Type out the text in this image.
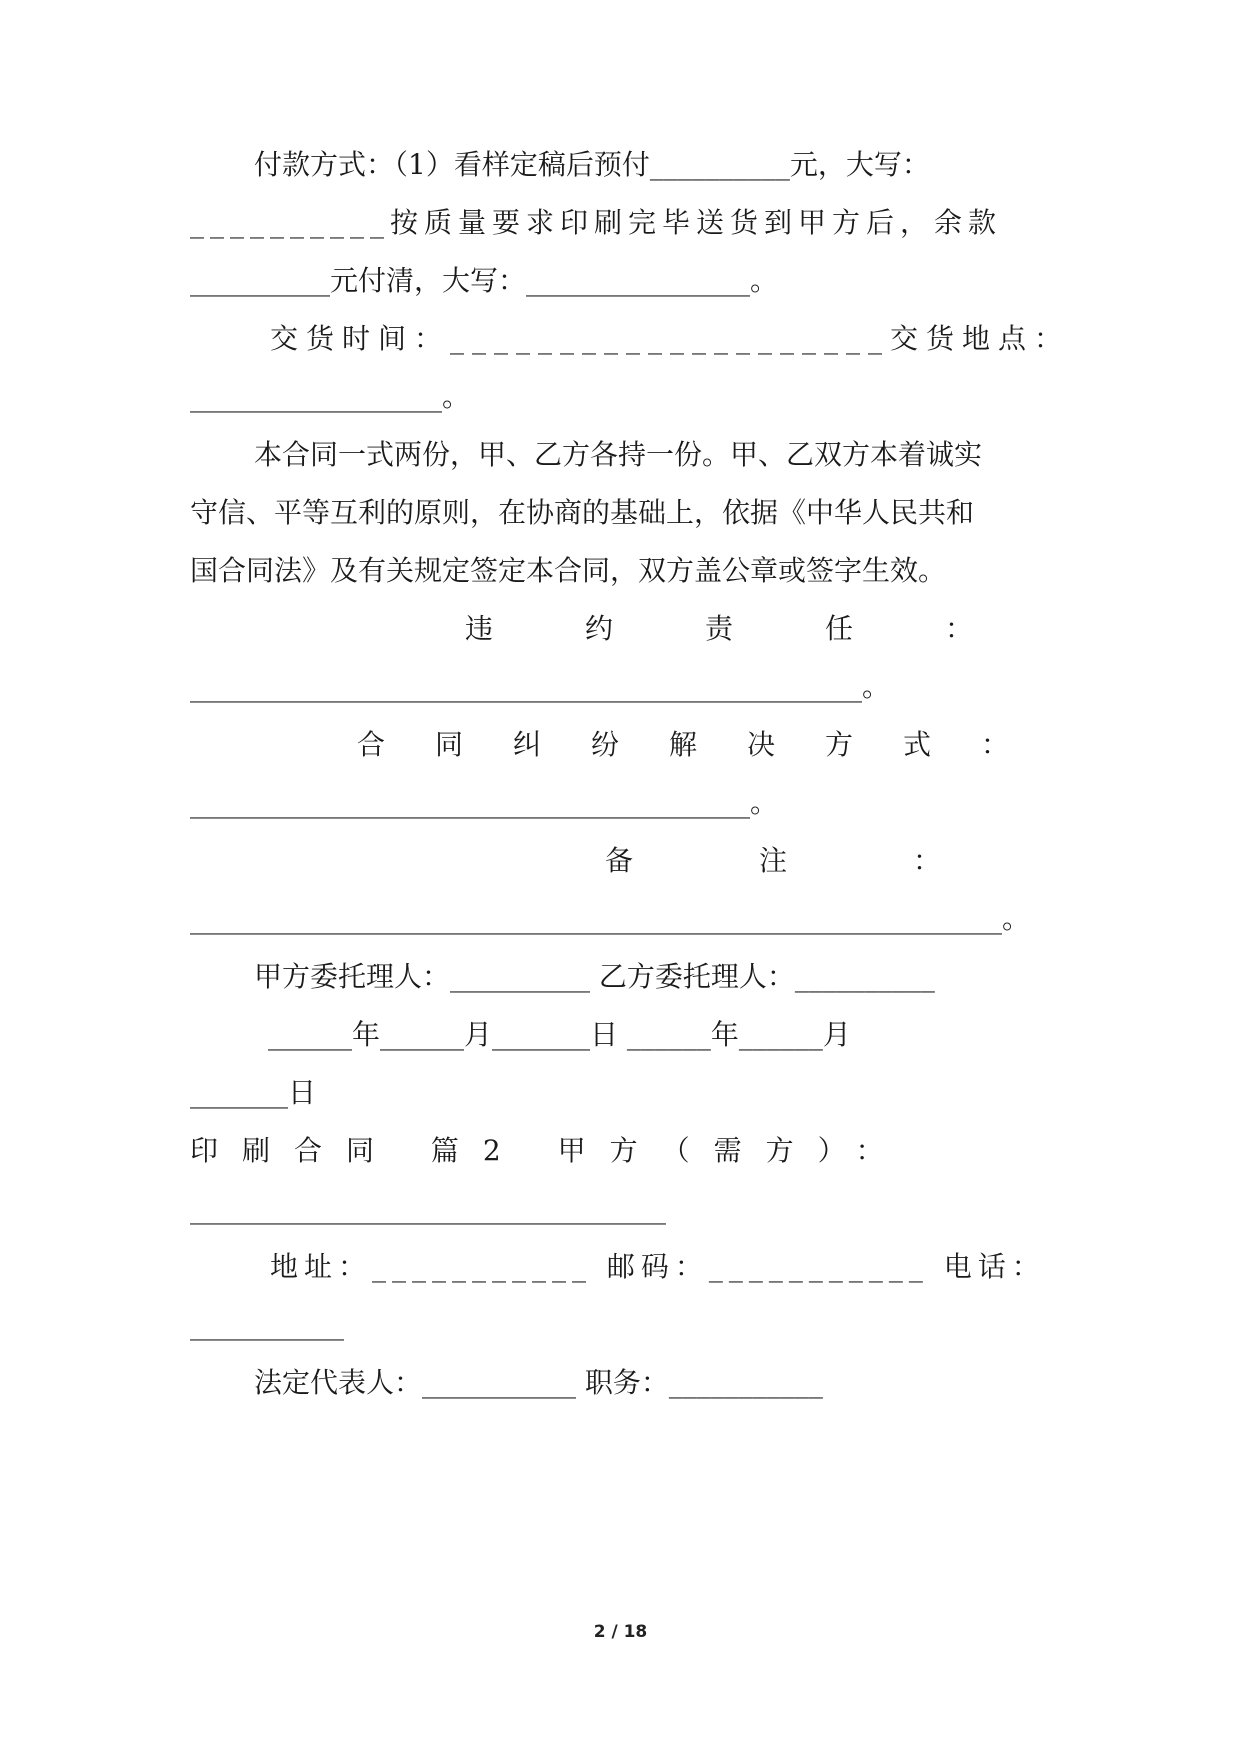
付款方式：（1）看样定稿后预付__________元，大写：
__________按质量要求印刷完毕送货到甲方后，余款
__________元付清，大写：________________。
交货时间：____________________交货地点：
__________________。
本合同一式两份，甲、乙方各持一份。甲、乙双方本着诚实
守信、平等互利的原则，在协商的基础上，依据《中华人民共和
国合同法》及有关规定签定本合同，双方盖公章或签字生效。
违约责任：
________________________________________________。
合同纠纷解决方式：
________________________________________。
备注：
__________________________________________________________。
甲方委托理人：__________ 乙方委托理人：__________
______年______月_______日 ______年______月
_______日
印刷合同 篇2 甲方（需方）：
__________________________________
地址：___________ 邮码：___________ 电话：
___________
法定代表人：___________ 职务：___________
2 / 18
